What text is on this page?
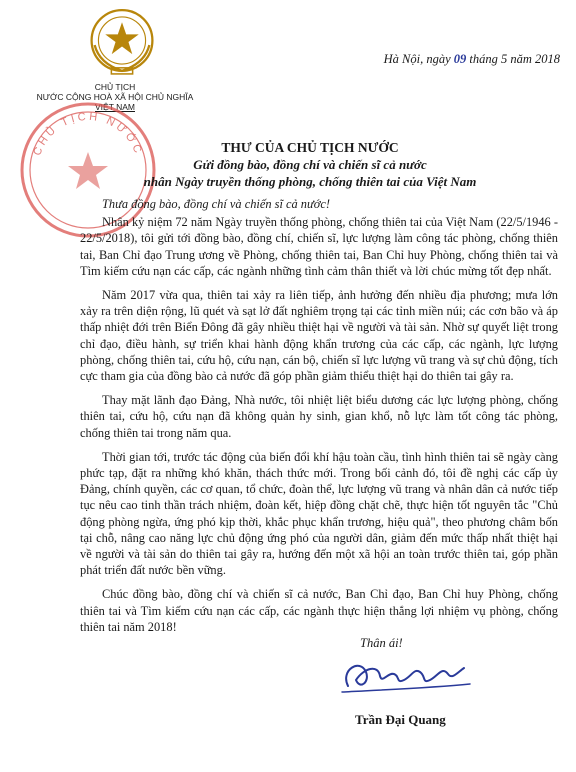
CHỦ TỊCH
NƯỚC CỘNG HOÀ XÃ HỘI CHỦ NGHĨA
VIỆT NAM
Hà Nội, ngày 09 tháng 5 năm 2018
CHỦ TỊCH NƯỚC	THƯ CỦA CHỦ TỊCH NƯỚC
Gửi đồng bào, đồng chí và chiến sĩ cả nước
nhân Ngày truyền thống phòng, chống thiên tai của Việt Nam

Thưa đồng bào, đồng chí và chiến sĩ cả nước!

Nhân kỷ niệm 72 năm Ngày truyền thống phòng, chống thiên tai của Việt Nam (22/5/1946 - 22/5/2018), tôi gửi tới đồng bào, đồng chí, chiến sĩ, lực lượng làm công tác phòng, chống thiên tai, Ban Chỉ đạo Trung ương về Phòng, chống thiên tai, Ban Chỉ huy Phòng, chống thiên tai và Tìm kiếm cứu nạn các cấp, các ngành những tình cảm thân thiết và lời chúc mừng tốt đẹp nhất.

Năm 2017 vừa qua, thiên tai xảy ra liên tiếp, ảnh hưởng đến nhiều địa phương; mưa lớn xảy ra trên diện rộng, lũ quét và sạt lở đất nghiêm trọng tại các tỉnh miền núi; các cơn bão và áp thấp nhiệt đới trên Biển Đông đã gây nhiều thiệt hại về người và tài sản. Nhờ sự quyết liệt trong chỉ đạo, điều hành, sự triển khai hành động khẩn trương của các cấp, các ngành, lực lượng phòng, chống thiên tai, cứu hộ, cứu nạn, cán bộ, chiến sĩ lực lượng vũ trang và sự chủ động, tích cực tham gia của đồng bào cả nước đã góp phần giảm thiểu thiệt hại do thiên tai gây ra.

Thay mặt lãnh đạo Đảng, Nhà nước, tôi nhiệt liệt biểu dương các lực lượng phòng, chống thiên tai, cứu hộ, cứu nạn đã không quản hy sinh, gian khổ, nỗ lực làm tốt công tác phòng, chống thiên tai trong năm qua.

Thời gian tới, trước tác động của biến đổi khí hậu toàn cầu, tình hình thiên tai sẽ ngày càng phức tạp, đặt ra những khó khăn, thách thức mới. Trong bối cảnh đó, tôi đề nghị các cấp ủy Đảng, chính quyền, các cơ quan, tổ chức, đoàn thể, lực lượng vũ trang và nhân dân cả nước tiếp tục nêu cao tinh thần trách nhiệm, đoàn kết, hiệp đồng chặt chẽ, thực hiện tốt nguyên tắc "Chủ động phòng ngừa, ứng phó kịp thời, khắc phục khẩn trương, hiệu quả", theo phương châm bốn tại chỗ, nâng cao năng lực chủ động ứng phó của người dân, giảm đến mức thấp nhất thiệt hại về người và tài sản do thiên tai gây ra, hướng đến một xã hội an toàn trước thiên tai, góp phần phát triển đất nước bền vững.

Chúc đồng bào, đồng chí và chiến sĩ cả nước, Ban Chỉ đạo, Ban Chỉ huy Phòng, chống thiên tai và Tìm kiếm cứu nạn các cấp, các ngành thực hiện thắng lợi nhiệm vụ phòng, chống thiên tai năm 2018!

Thân ái!
Trần Đại Quang
